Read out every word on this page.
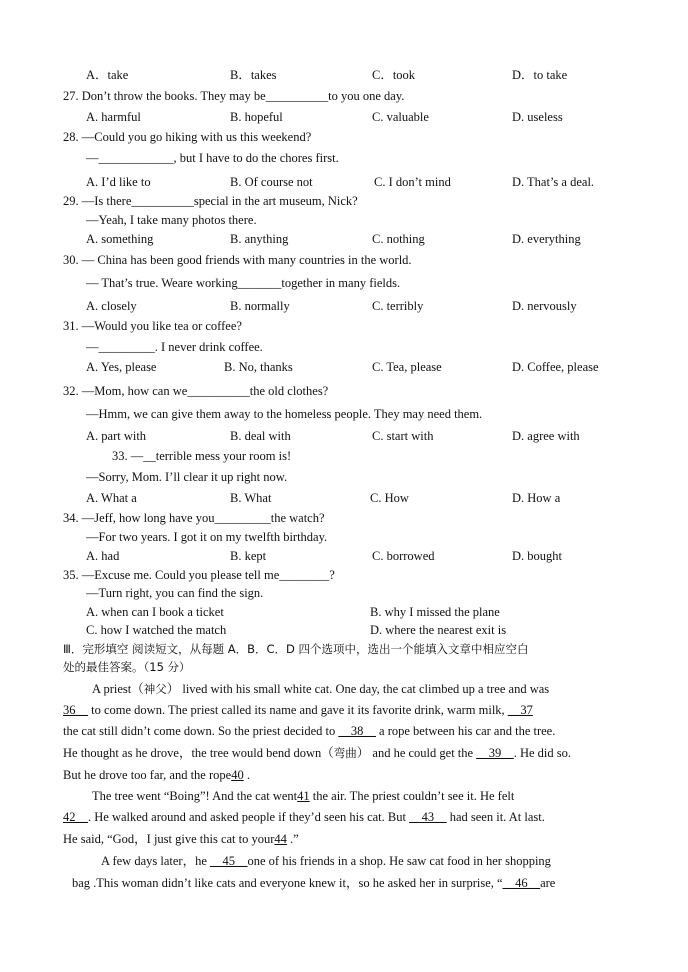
A．take	B．takes	C．took	D．to take
27. Don’t throw the books. They may be__________to you one day.
A. harmful	B. hopeful	C. valuable	D. useless
28. —Could you go hiking with us this weekend?
—____________, but I have to do the chores first.
A. I’d like to	B. Of course not	C. I don’t mind	D. That’s a deal.
29. —Is there__________special in the art museum, Nick?
—Yeah, I take many photos there.
A. something	B. anything	C. nothing	D. everything
30. — China has been good friends with many countries in the world.
— That’s true. Weare working_______together in many fields.
A. closely	B. normally	C. terribly	D. nervously
31. —Would you like tea or coffee?
—_________. I never drink coffee.
A. Yes, please	B. No, thanks	C. Tea, please	D. Coffee, please
32. —Mom, how can we__________the old clothes?
—Hmm, we can give them away to the homeless people. They may need them.
A. part with	B. deal with	C. start with	D. agree with
33. —__terrible mess your room is!
—Sorry, Mom. I’ll clear it up right now.
A. What a	B. What	C. How	D. How a
34. —Jeff, how long have you_________the watch?
—For two years. I got it on my twelfth birthday.
A. had	B. kept	C. borrowed	D. bought
35. —Excuse me. Could you please tell me________?
—Turn right, you can find the sign.
A. when can I book a ticket	B. why I missed the plane
C. how I watched the match	D. where the nearest exit is
Ⅲ．完形填空 阅读短文，从每题 A．B．C．D 四个选项中，选出一个能填入文章中相应空白
处的最佳答案。（15 分）
A priest（神父） lived with his small white cat. One day, the cat climbed up a tree and was
36__ to come down. The priest called its name and gave it its favorite drink, warm milk, __37
the cat still didn’t come down. So the priest decided to __38__ a rope between his car and the tree.
He thought as he drove，the tree would bend down（弯曲） and he could get the __39__. He did so.
But he drove too far, and the rope40 .
The tree went “Boing”! And the cat went41 the air. The priest couldn’t see it. He felt
42__. He walked around and asked people if they’d seen his cat. But __43__ had seen it. At last.
He said, “God，I just give this cat to your44 .”
A few days later，he __45__one of his friends in a shop. He saw cat food in her shopping
bag .This woman didn’t like cats and everyone knew it，so he asked her in surprise, “__46__are
